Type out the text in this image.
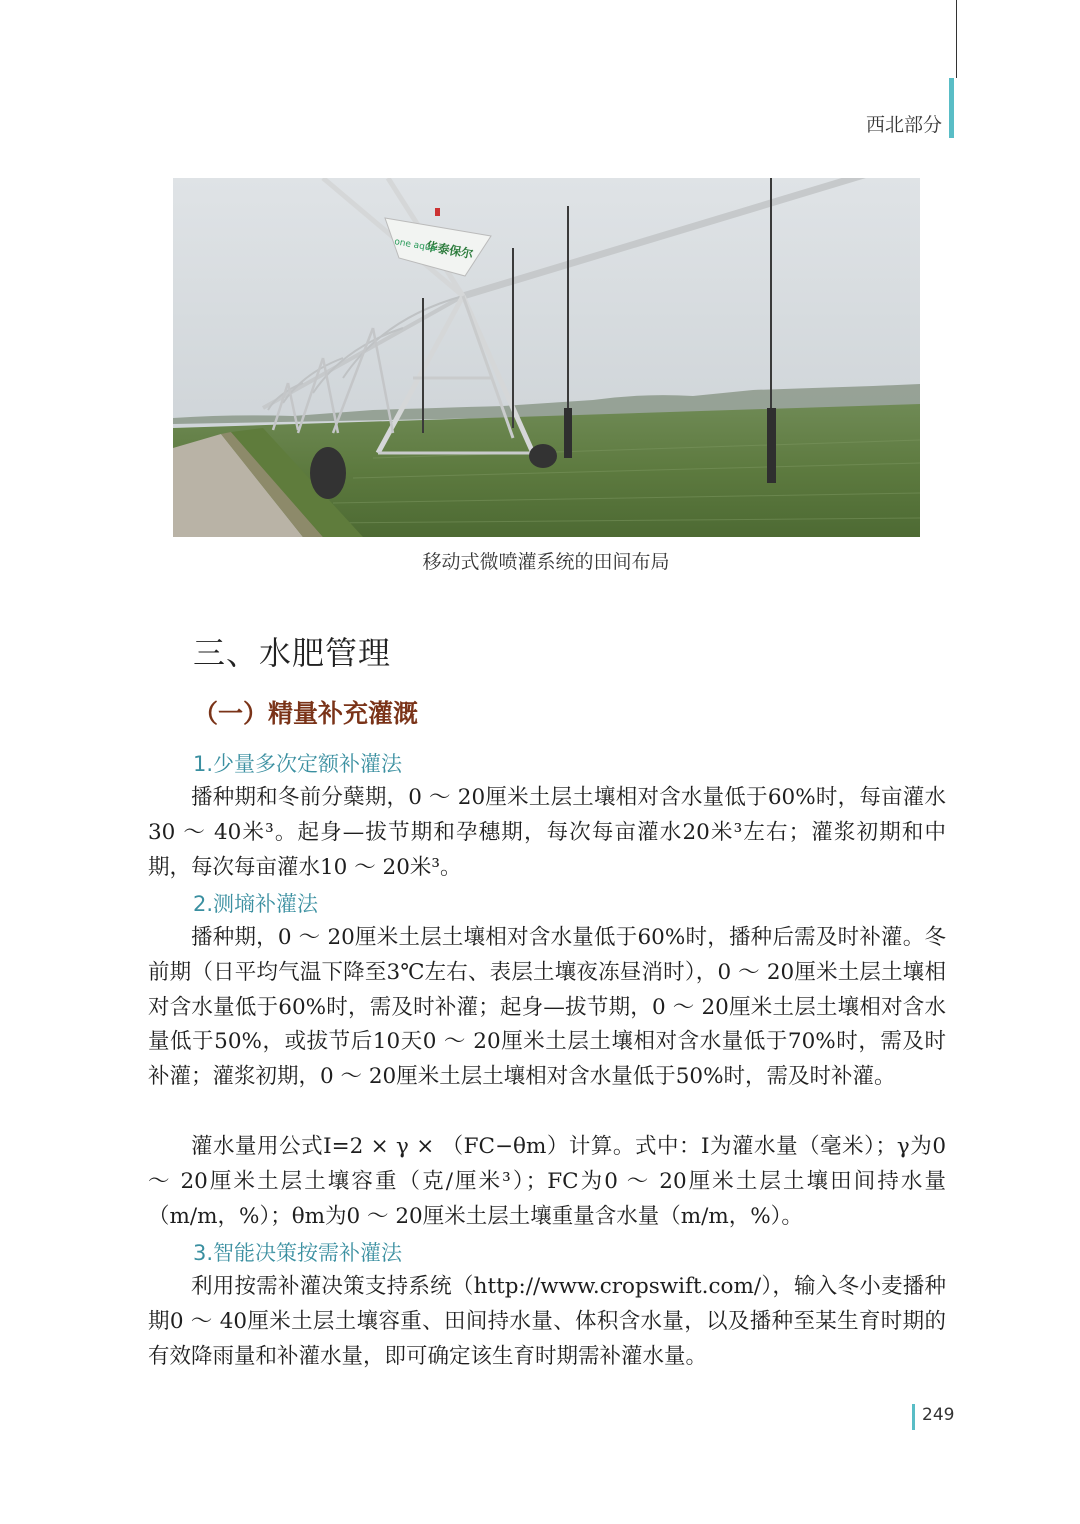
西北部分
华泰保尔
one aqua
移动式微喷灌系统的田间布局
三、水肥管理
（一）精量补充灌溉
1.少量多次定额补灌法
播种期和冬前分蘖期，0 ～ 20厘米土层土壤相对含水量低于60%时，每亩灌水30 ～ 40米³。起身—拔节期和孕穗期，每次每亩灌水20米³左右；灌浆初期和中期，每次每亩灌水10 ～ 20米³。
2.测墒补灌法
播种期，0 ～ 20厘米土层土壤相对含水量低于60%时，播种后需及时补灌。冬前期（日平均气温下降至3℃左右、表层土壤夜冻昼消时），0 ～ 20厘米土层土壤相对含水量低于60%时，需及时补灌；起身—拔节期，0 ～ 20厘米土层土壤相对含水量低于50%，或拔节后10天0 ～ 20厘米土层土壤相对含水量低于70%时，需及时补灌；灌浆初期，0 ～ 20厘米土层土壤相对含水量低于50%时，需及时补灌。
灌水量用公式I=2 × γ × （FC−θm）计算。式中：I为灌水量（毫米）；γ为0 ～ 20厘米土层土壤容重（克/厘米³）；FC为0 ～ 20厘米土层土壤田间持水量（m/m，%）；θm为0 ～ 20厘米土层土壤重量含水量（m/m，%）。
3.智能决策按需补灌法
利用按需补灌决策支持系统（http://www.cropswift.com/），输入冬小麦播种期0 ～ 40厘米土层土壤容重、田间持水量、体积含水量，以及播种至某生育时期的有效降雨量和补灌水量，即可确定该生育时期需补灌水量。
249
